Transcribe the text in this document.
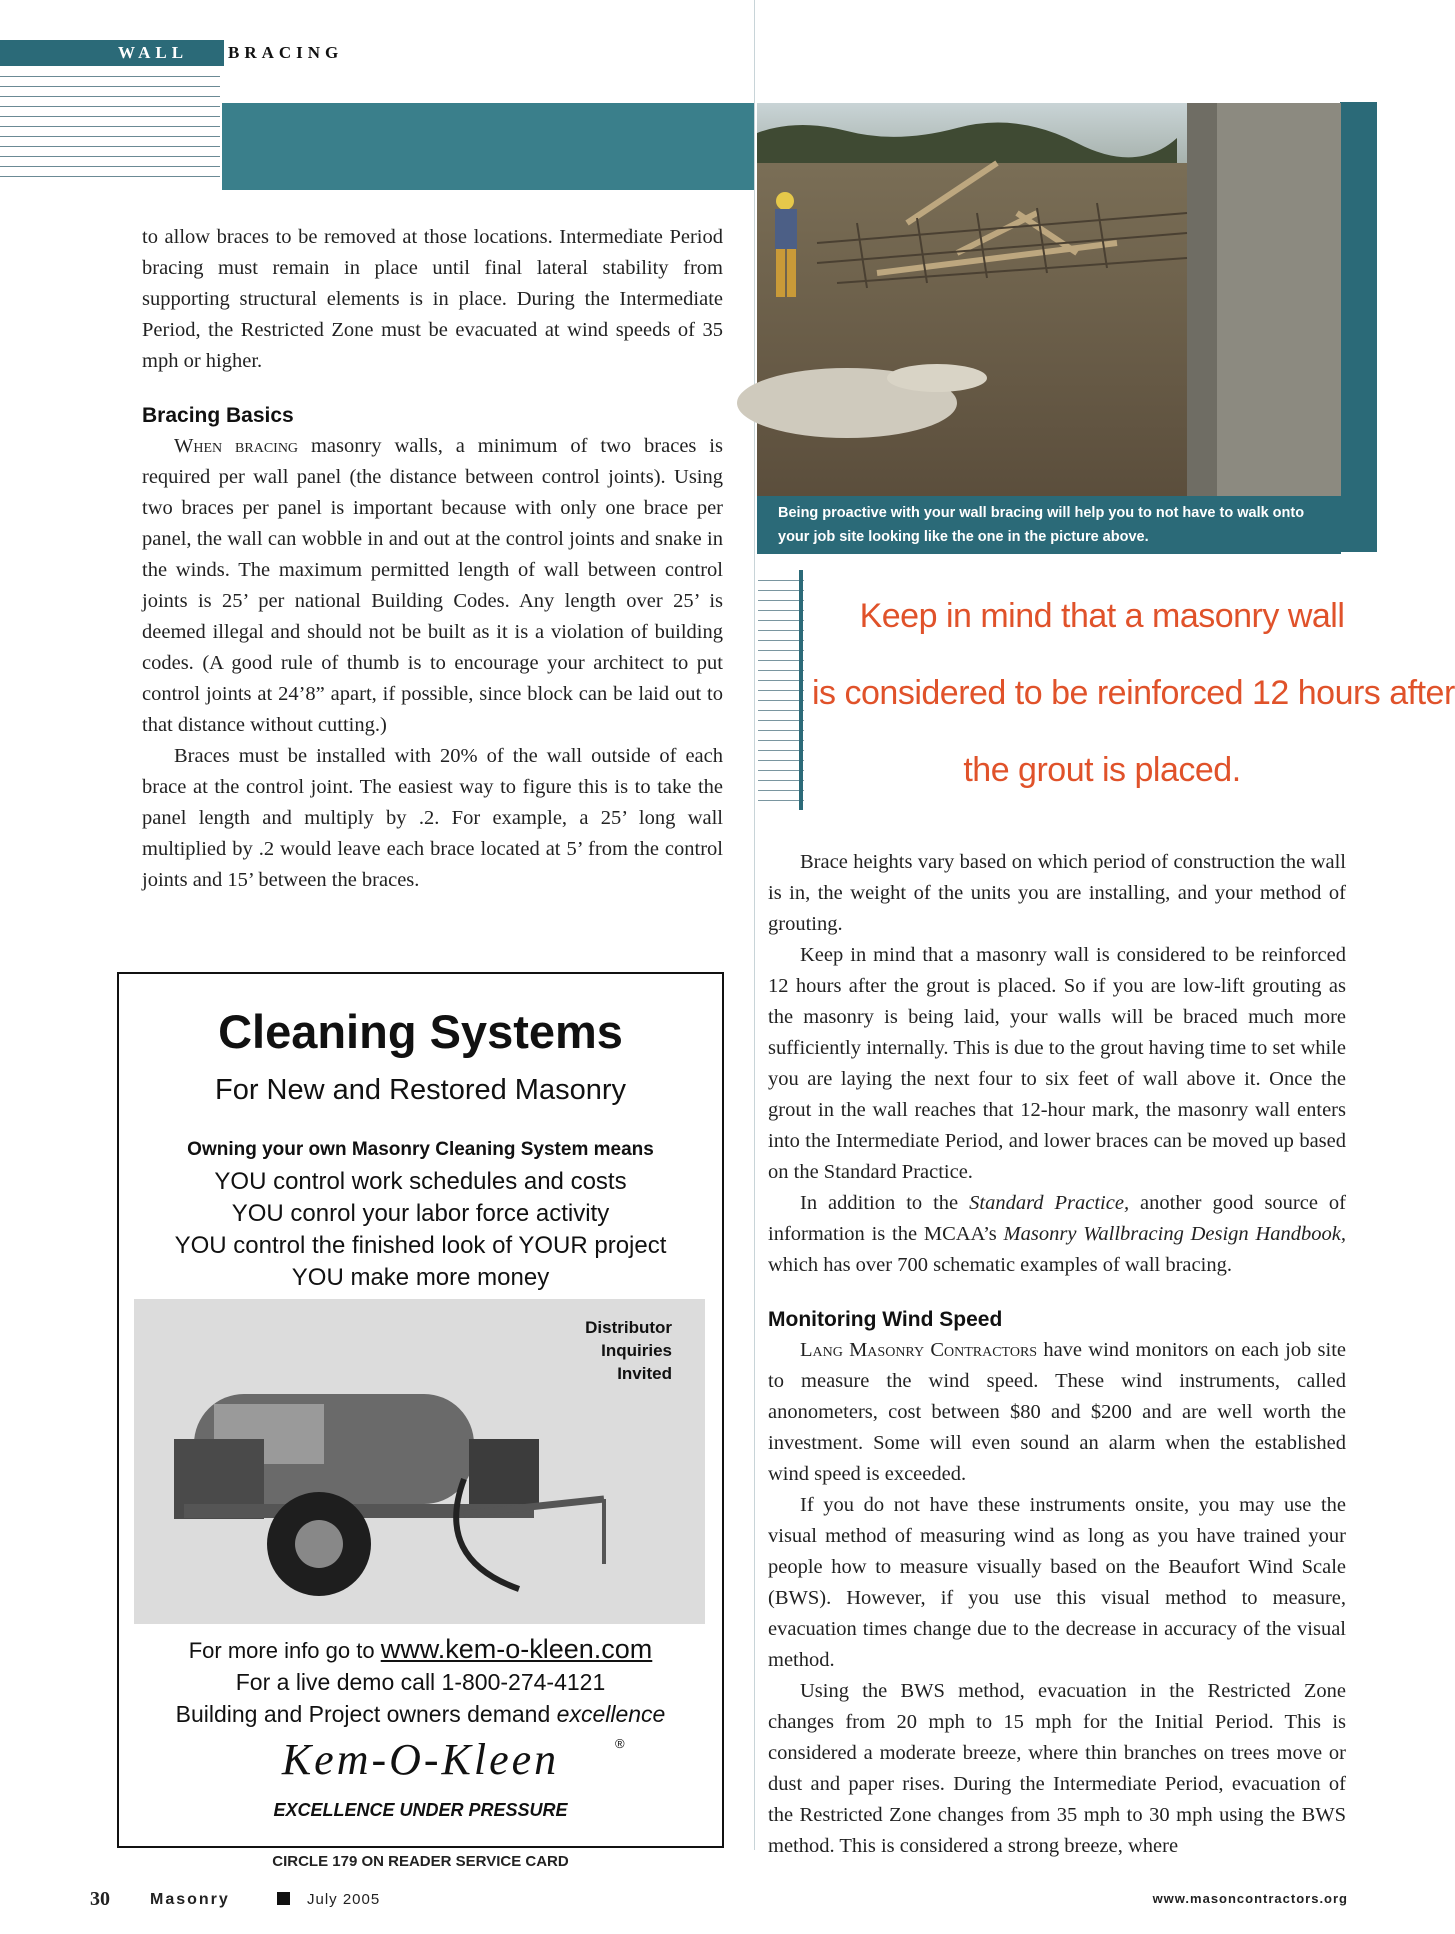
WALL BRACING

to allow braces to be removed at those locations. Intermediate Period bracing must remain in place until final lateral stability from supporting structural elements is in place. During the Intermediate Period, the Restricted Zone must be evacuated at wind speeds of 35 mph or higher.

Bracing Basics

When bracing masonry walls, a minimum of two braces is required per wall panel (the distance between control joints). Using two braces per panel is important because with only one brace per panel, the wall can wobble in and out at the control joints and snake in the winds. The maximum permitted length of wall between control joints is 25’ per national Building Codes. Any length over 25’ is deemed illegal and should not be built as it is a violation of building codes. (A good rule of thumb is to encourage your architect to put control joints at 24’8” apart, if possible, since block can be laid out to that distance without cutting.)

Braces must be installed with 20% of the wall outside of each brace at the control joint. The easiest way to figure this is to take the panel length and multiply by .2. For example, a 25’ long wall multiplied by .2 would leave each brace located at 5’ from the control joints and 15’ between the braces.

Being proactive with your wall bracing will help you to not have to walk onto your job site looking like the one in the picture above.
Keep in mind that a masonry wall
is considered to be reinforced 12 hours after
the grout is placed.

Brace heights vary based on which period of construction the wall is in, the weight of the units you are installing, and your method of grouting.

Keep in mind that a masonry wall is considered to be reinforced 12 hours after the grout is placed. So if you are low-lift grouting as the masonry is being laid, your walls will be braced much more sufficiently internally. This is due to the grout having time to set while you are laying the next four to six feet of wall above it. Once the grout in the wall reaches that 12-hour mark, the masonry wall enters into the Intermediate Period, and lower braces can be moved up based on the Standard Practice.

In addition to the Standard Practice, another good source of information is the MCAA’s Masonry Wallbracing Design Handbook, which has over 700 schematic examples of wall bracing.

Monitoring Wind Speed

Lang Masonry Contractors have wind monitors on each job site to measure the wind speed. These wind instruments, called anonometers, cost between $80 and $200 and are well worth the investment. Some will even sound an alarm when the established wind speed is exceeded.

If you do not have these instruments onsite, you may use the visual method of measuring wind as long as you have trained your people how to measure visually based on the Beaufort Wind Scale (BWS). However, if you use this visual method to measure, evacuation times change due to the decrease in accuracy of the visual method.

Using the BWS method, evacuation in the Restricted Zone changes from 20 mph to 15 mph for the Initial Period. This is considered a moderate breeze, where thin branches on trees move or dust and paper rises. During the Intermediate Period, evacuation of the Restricted Zone changes from 35 mph to 30 mph using the BWS method. This is considered a strong breeze, where

Cleaning Systems
For New and Restored Masonry
Owning your own Masonry Cleaning System means
YOU control work schedules and costs
YOU conrol your labor force activity
YOU control the finished look of YOUR project
YOU make more money
Distributor
Inquiries
Invited
For more info go to www.kem-o-kleen.com
For a live demo call 1-800-274-4121
Building and Project owners demand excellence
Kem-O-Kleen	®
EXCELLENCE UNDER PRESSURE
CIRCLE 179 ON READER SERVICE CARD
30	Masonry	July 2005	www.masoncontractors.org
